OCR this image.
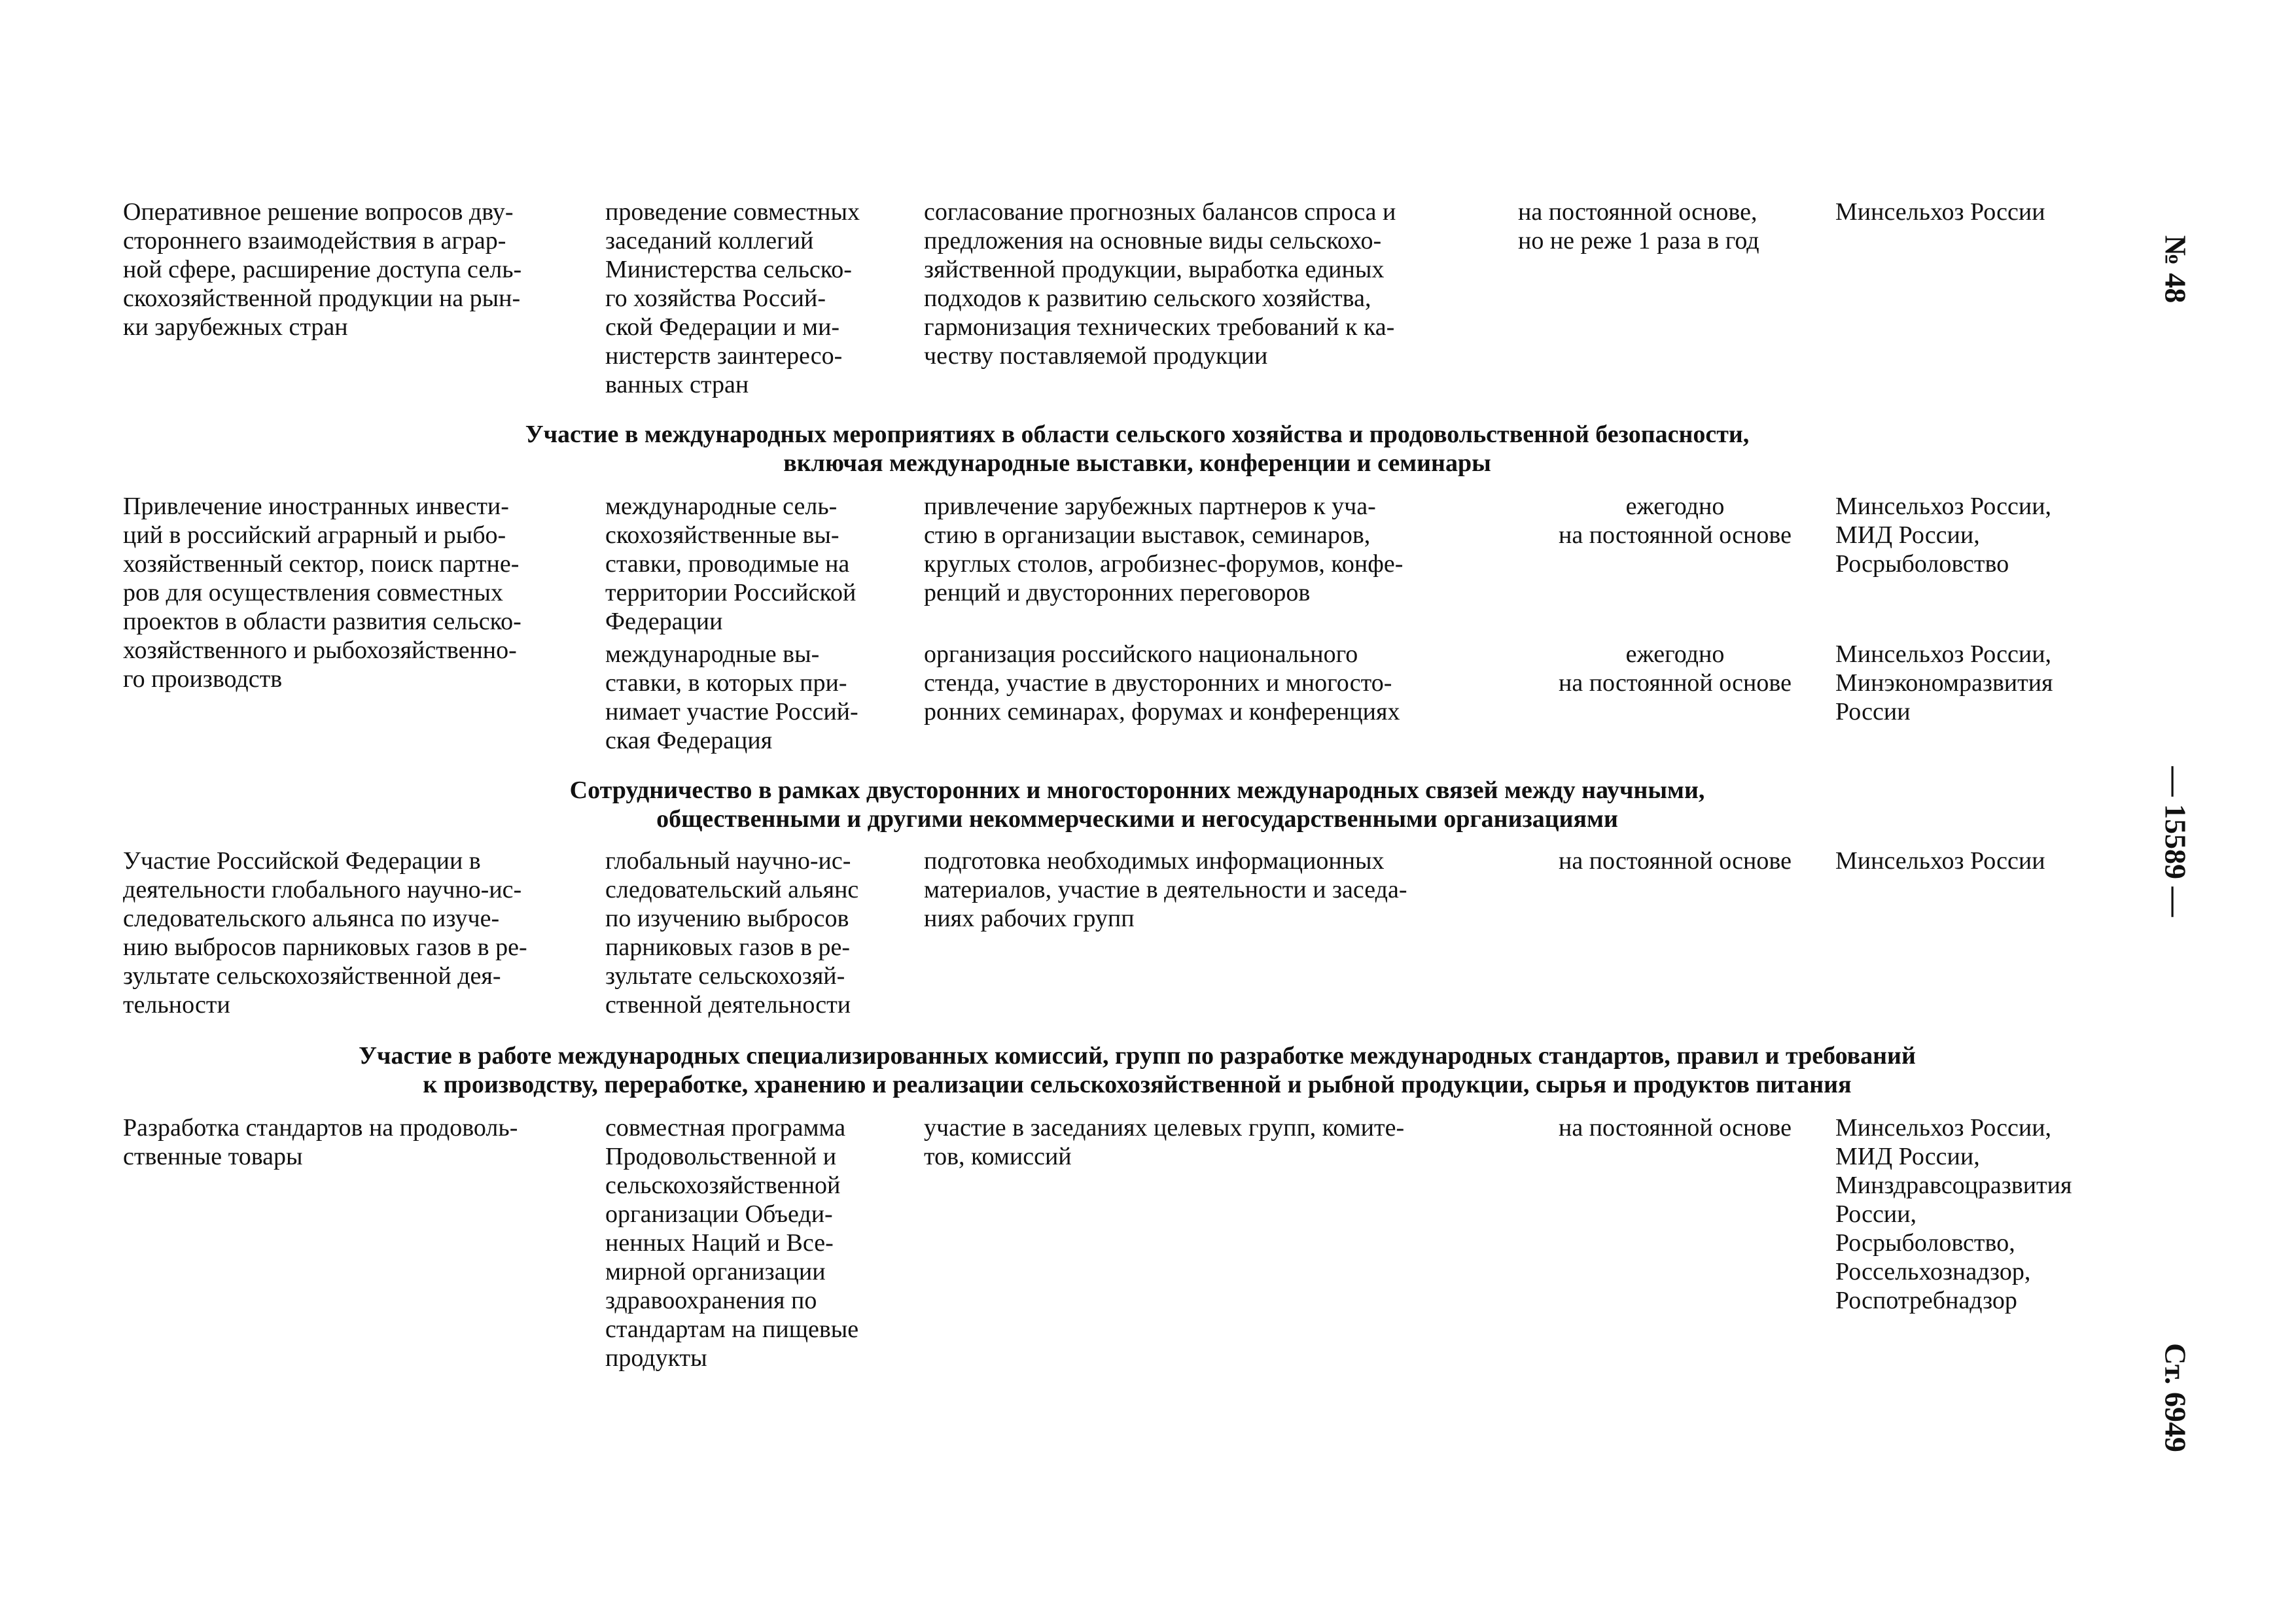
№ 48
— 15589 —
Ст. 6949
Оперативное решение вопросов дву-
стороннего взаимодействия в аграр-
ной сфере, расширение доступа сель-
скохозяйственной продукции на рын-
ки зарубежных стран
проведение совместных
заседаний коллегий
Министерства сельско-
го хозяйства Россий-
ской Федерации и ми-
нистерств заинтересо-
ванных стран
согласование прогнозных балансов спроса и
предложения на основные виды сельскохо-
зяйственной продукции, выработка единых
подходов к развитию сельского хозяйства,
гармонизация технических требований к ка-
честву поставляемой продукции
на постоянной основе,
но не реже 1 раза в год
Минсельхоз России
Участие в международных мероприятиях в области сельского хозяйства и продовольственной безопасности,
включая международные выставки, конференции и семинары
Привлечение иностранных инвести-
ций в российский аграрный и рыбо-
хозяйственный сектор, поиск партне-
ров для осуществления совместных
проектов в области развития сельско-
хозяйственного и рыбохозяйственно-
го производств
международные сель-
скохозяйственные вы-
ставки, проводимые на
территории Российской
Федерации
привлечение зарубежных партнеров к уча-
стию в организации выставок, семинаров,
круглых столов, агробизнес-форумов, конфе-
ренций и двусторонних переговоров
ежегодно
на постоянной основе
Минсельхоз России,
МИД России,
Росрыболовство
международные вы-
ставки, в которых при-
нимает участие Россий-
ская Федерация
организация российского национального
стенда, участие в двусторонних и многосто-
ронних семинарах, форумах и конференциях
ежегодно
на постоянной основе
Минсельхоз России,
Минэкономразвития
России
Сотрудничество в рамках двусторонних и многосторонних международных связей между научными,
общественными и другими некоммерческими и негосударственными организациями
Участие Российской Федерации в
деятельности глобального научно-ис-
следовательского альянса по изуче-
нию выбросов парниковых газов в ре-
зультате сельскохозяйственной дея-
тельности
глобальный научно-ис-
следовательский альянс
по изучению выбросов
парниковых газов в ре-
зультате сельскохозяй-
ственной деятельности
подготовка необходимых информационных
материалов, участие в деятельности и заседа-
ниях рабочих групп
на постоянной основе	Минсельхоз России
Участие в работе международных специализированных комиссий, групп по разработке международных стандартов, правил и требований
к производству, переработке, хранению и реализации сельскохозяйственной и рыбной продукции, сырья и продуктов питания
Разработка стандартов на продоволь-
ственные товары
совместная программа
Продовольственной и
сельскохозяйственной
организации Объеди-
ненных Наций и Все-
мирной организации
здравоохранения по
стандартам на пищевые
продукты
участие в заседаниях целевых групп, комите-
тов, комиссий
на постоянной основе	Минсельхоз России,
МИД России,
Минздравсоцразвития
России,
Росрыболовство,
Россельхознадзор,
Роспотребнадзор
